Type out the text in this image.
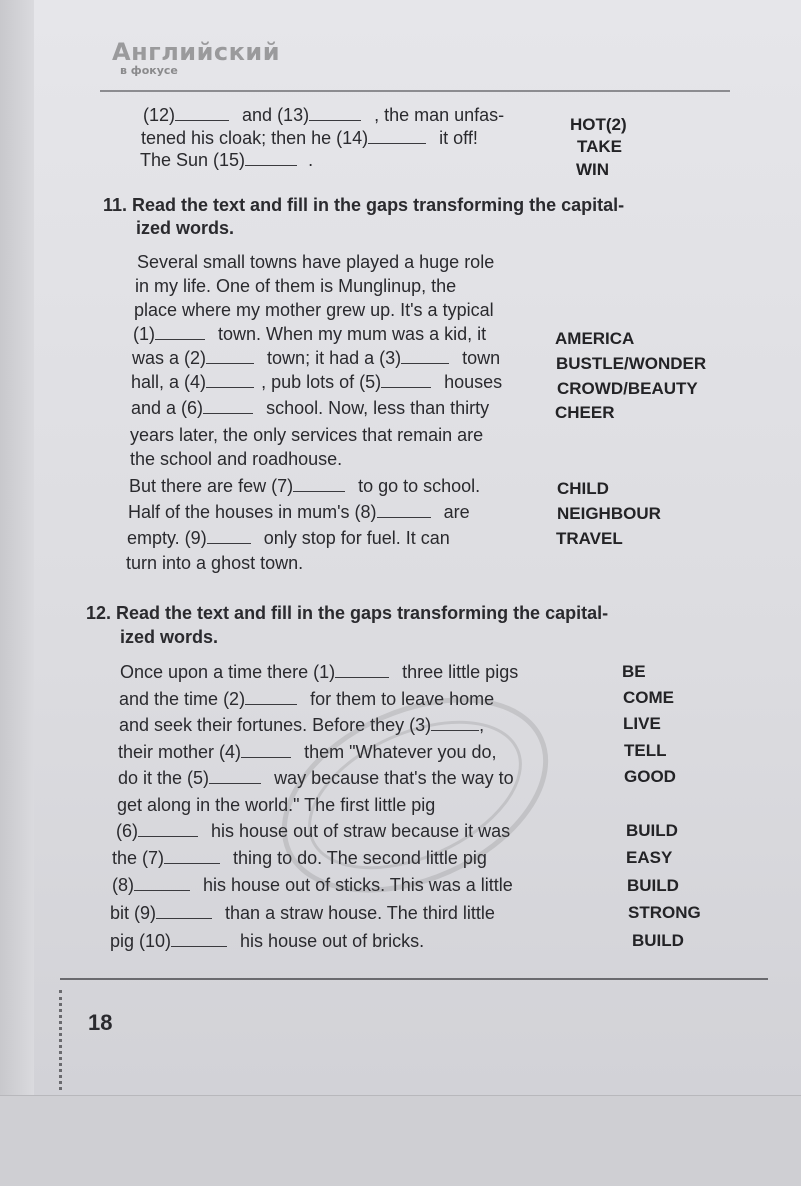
Английский
в фокусе
(12)	and (13)	, the man unfas-
tened his cloak; then he (14)	it off!
The Sun (15)	.
HOT(2)
TAKE
WIN
11. Read the text and fill in the gaps transforming the capital-
ized words.
Several small towns have played a huge role
in my life. One of them is Munglinup, the
place where my mother grew up. It's a typical
(1)	town. When my mum was a kid, it
was a (2)	town; it had a (3)	town
hall, a (4)	, pub lots of (5)	houses
and a (6)	school. Now, less than thirty
years later, the only services that remain are
the school and roadhouse.
But there are few (7)	to go to school.
Half of the houses in mum's (8)	are
empty. (9)	only stop for fuel. It can
turn into a ghost town.
AMERICA
BUSTLE/WONDER
CROWD/BEAUTY
CHEER
CHILD
NEIGHBOUR
TRAVEL
12. Read the text and fill in the gaps transforming the capital-
ized words.
Once upon a time there (1)	three little pigs
and the time (2)	for them to leave home
and seek their fortunes. Before they (3)	,
their mother (4)	them "Whatever you do,
do it the (5)	way because that's the way to
get along in the world." The first little pig
(6)	his house out of straw because it was
the (7)	thing to do. The second little pig
(8)	his house out of sticks. This was a little
bit (9)	than a straw house. The third little
pig (10)	his house out of bricks.
BE
COME
LIVE
TELL
GOOD
BUILD
EASY
BUILD
STRONG
BUILD
18
